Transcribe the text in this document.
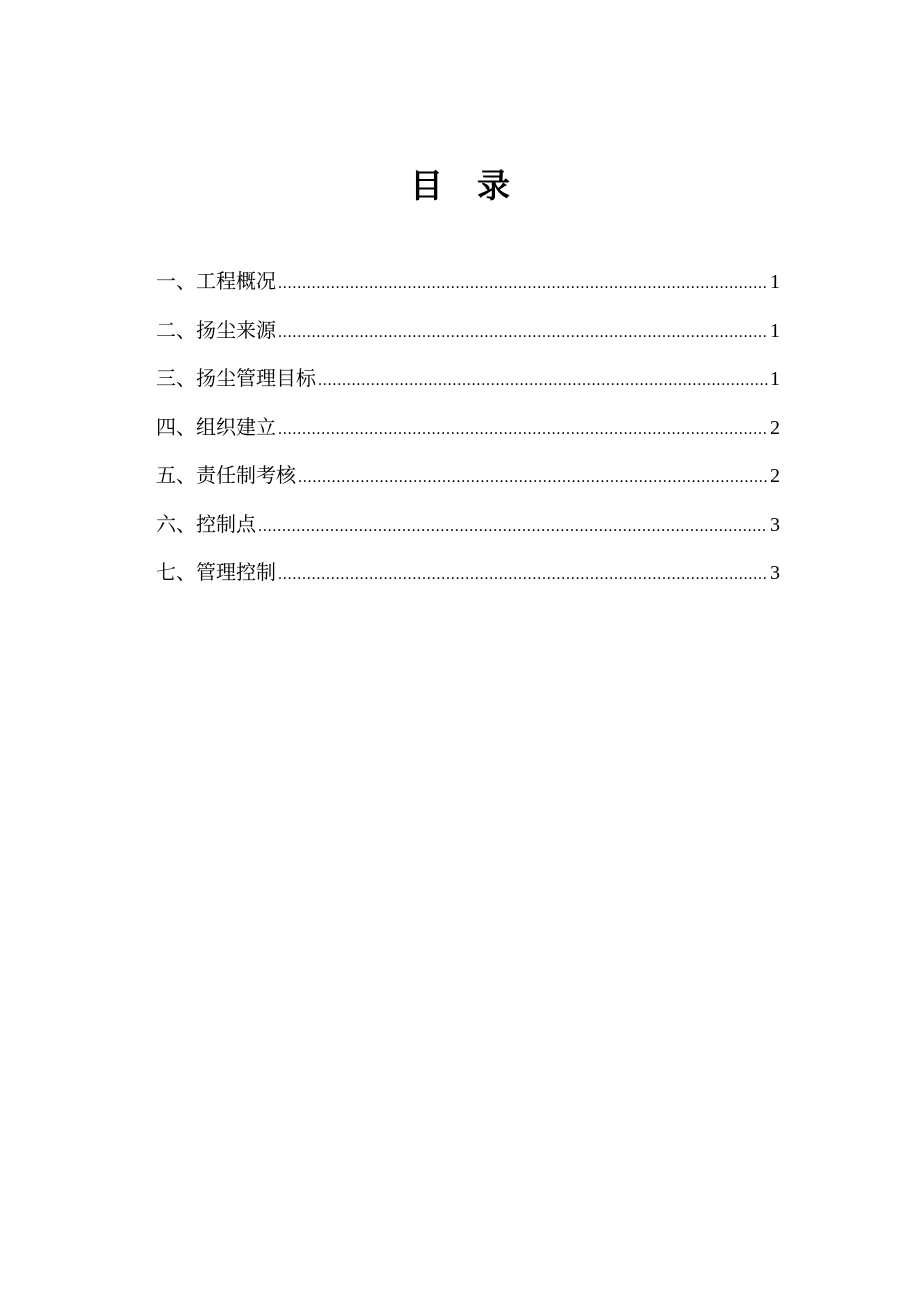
目 录
一、工程概况 .....	1
二、扬尘来源 .....	1
三、扬尘管理目标 .....	1
四、组织建立 .....	2
五、责任制考核 .....	2
六、控制点 .....	3
七、管理控制 .....	3
